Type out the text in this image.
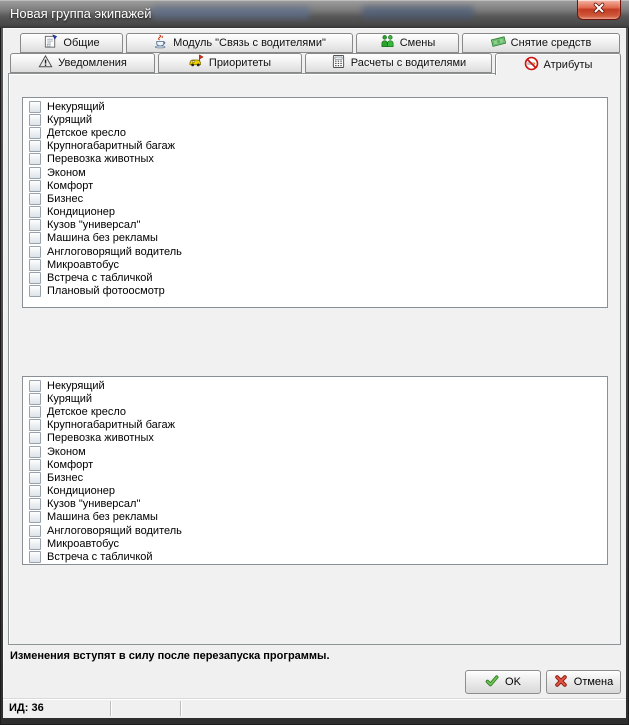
Новая группа экипажей
Общие	Модуль "Связь с водителями"	Смены	Снятие средств
Уведомления	Приоритеты	Расчеты с водителями	Атрибуты
Некурящий
Курящий
Детское кресло
Крупногабаритный багаж
Перевозка животных
Эконом
Комфорт
Бизнес
Кондиционер
Кузов "универсал"
Машина без рекламы
Англоговорящий водитель
Микроавтобус
Встреча с табличкой
Плановый фотоосмотр
Некурящий
Курящий
Детское кресло
Крупногабаритный багаж
Перевозка животных
Эконом
Комфорт
Бизнес
Кондиционер
Кузов "универсал"
Машина без рекламы
Англоговорящий водитель
Микроавтобус
Встреча с табличкой
Изменения вступят в силу после перезапуска программы.
OK	Отмена
ИД: 36
